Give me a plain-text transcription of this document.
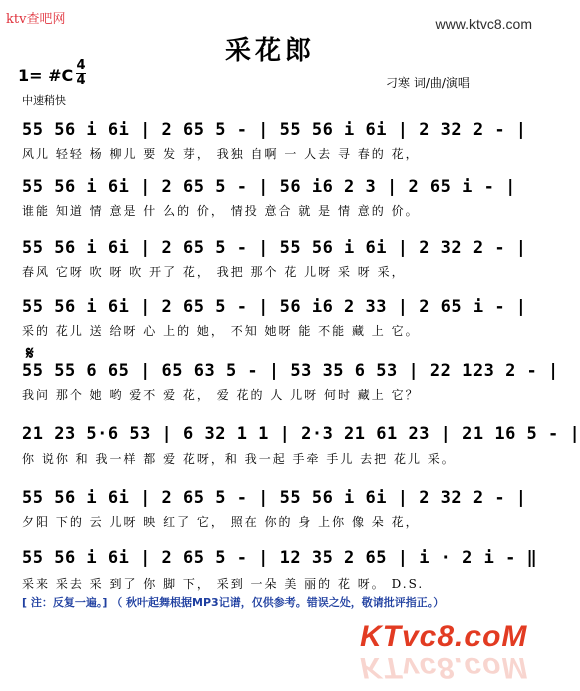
ktv查吧网	www.ktvc8.com
采花郎
1= #C
4
4
中速稍快
刁寒 词/曲/演唱
55 56 i 6i | 2 65 5 - | 55 56 i 6i | 2 32 2 - |
风儿 轻轻 杨 柳儿 要 发 芽， 我独 自啊 一 人去 寻 春的 花，
55 56 i 6i | 2 65 5 - | 56 i6 2 3 | 2 65 i - |
谁能 知道 情 意是 什 么的 价， 情投 意合 就 是 情 意的 价。
55 56 i 6i | 2 65 5 - | 55 56 i 6i | 2 32 2 - |
春风 它呀 吹 呀 吹 开了 花， 我把 那个 花 儿呀 采 呀 采，
55 56 i 6i | 2 65 5 - | 56 i6 2 33 | 2 65 i - |
采的 花儿 送 给呀 心 上的 她， 不知 她呀 能 不能 藏 上 它。
𝄋
55 55 6 65 | 65 63 5 - | 53 35 6 53 | 22 123 2 - |
我问 那个 她 哟 爱不 爱 花， 爱 花的 人 儿呀 何时 藏上 它？
21 23 5·6 53 | 6 32 1 1 | 2·3 21 61 23 | 21 16 5 - |
你 说你 和 我一样 都 爱 花呀，和 我一起 手牵 手儿 去把 花儿 采。
55 56 i 6i | 2 65 5 - | 55 56 i 6i | 2 32 2 - |
夕阳 下的 云 儿呀 映 红了 它， 照在 你的 身 上你 像 朵 花，
55 56 i 6i | 2 65 5 - | 12 35 2 65 | i · 2 i - ‖
采来 采去 采 到了 你 脚 下， 采到 一朵 美 丽的 花 呀。 D.S.
[ 注：反复一遍。] （ 秋叶起舞根据MP3记谱，仅供参考。错误之处，敬请批评指正。）
KTvc8.coM
KTvc8.coM
